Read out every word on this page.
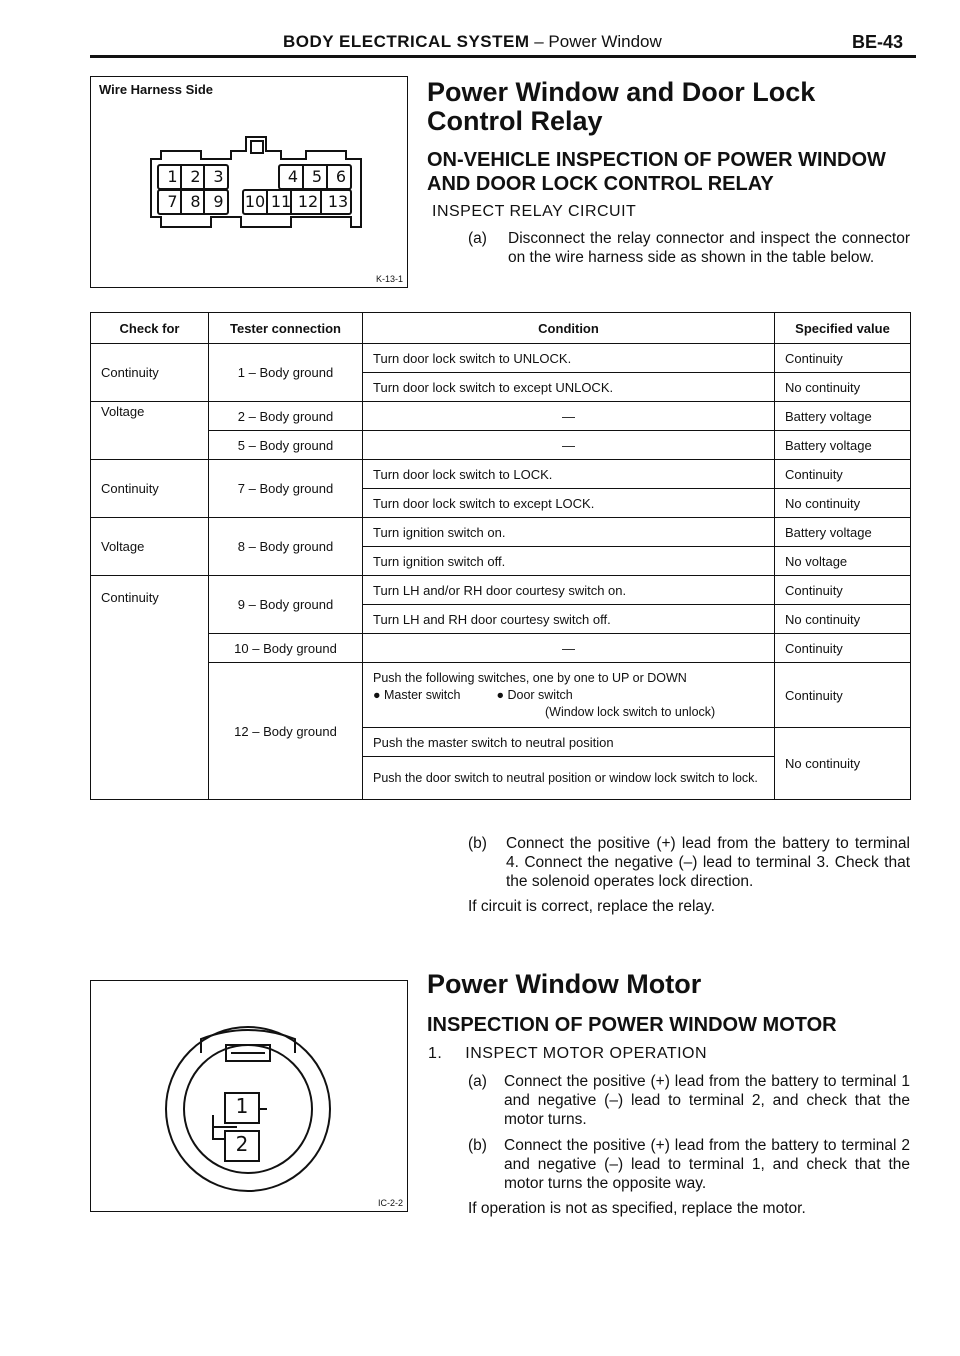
BODY ELECTRICAL SYSTEM – Power Window	BE-43
Wire Harness Side
1 2 3	4 5 6
7 8 9	10 11 12 13
K-13-1
Power Window and Door Lock
Control Relay
ON-VEHICLE INSPECTION OF POWER WINDOW
AND DOOR LOCK CONTROL RELAY
INSPECT RELAY CIRCUIT
(a) Disconnect the relay connector and inspect the connector on the wire harness side as shown in the table below.
Check for	Tester connection	Condition	Specified value
Continuity	1 – Body ground	Turn door lock switch to UNLOCK.	Continuity
		Turn door lock switch to except UNLOCK.	No continuity
Voltage	2 – Body ground	—	Battery voltage
	5 – Body ground	—	Battery voltage
Continuity	7 – Body ground	Turn door lock switch to LOCK.	Continuity
		Turn door lock switch to except LOCK.	No continuity
Voltage	8 – Body ground	Turn ignition switch on.	Battery voltage
		Turn ignition switch off.	No voltage
Continuity	9 – Body ground	Turn LH and/or RH door courtesy switch on.	Continuity
		Turn LH and RH door courtesy switch off.	No continuity
	10 – Body ground	—	Continuity
	12 – Body ground	Push the following switches, one by one to UP or DOWN
● Master switch ● Door switch
(Window lock switch to unlock)	Continuity
		Push the master switch to neutral position	No continuity
		Push the door switch to neutral position or window lock switch to lock.	
(b) Connect the positive (+) lead from the battery to terminal 4. Connect the negative (–) lead to terminal 3. Check that the solenoid operates lock direction.
If circuit is correct, replace the relay.
Power Window Motor
INSPECTION OF POWER WINDOW MOTOR
1. INSPECT MOTOR OPERATION
(a) Connect the positive (+) lead from the battery to terminal 1 and negative (–) lead to terminal 2, and check that the motor turns.
(b) Connect the positive (+) lead from the battery to terminal 2 and negative (–) lead to terminal 1, and check that the motor turns the opposite way.
If operation is not as specified, replace the motor.
1
2
IC-2-2
